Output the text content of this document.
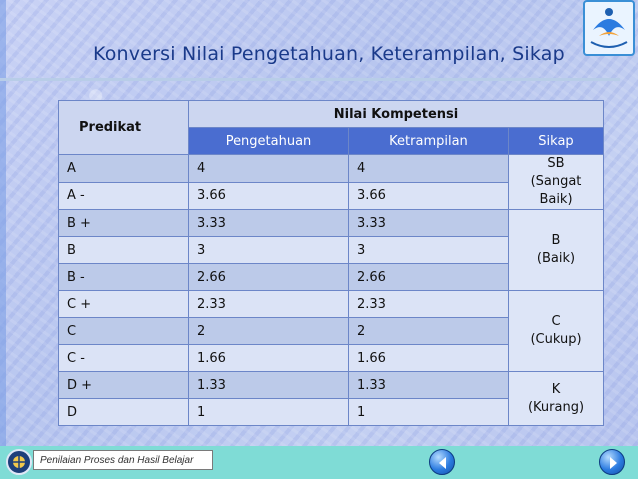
Konversi Nilai Pengetahuan, Keterampilan, Sikap
Predikat	Nilai Kompetensi		
	Pengetahuan	Ketrampilan	Sikap
A	4	4	SB
(Sangat Baik)
A -	3.66	3.66	
B +	3.33	3.33	B
(Baik)
B	3	3	
B -	2.66	2.66	
C +	2.33	2.33	C
(Cukup)
C	2	2	
C -	1.66	1.66	
D +	1.33	1.33	K
(Kurang)
D	1	1	
Penilaian Proses dan Hasil Belajar
